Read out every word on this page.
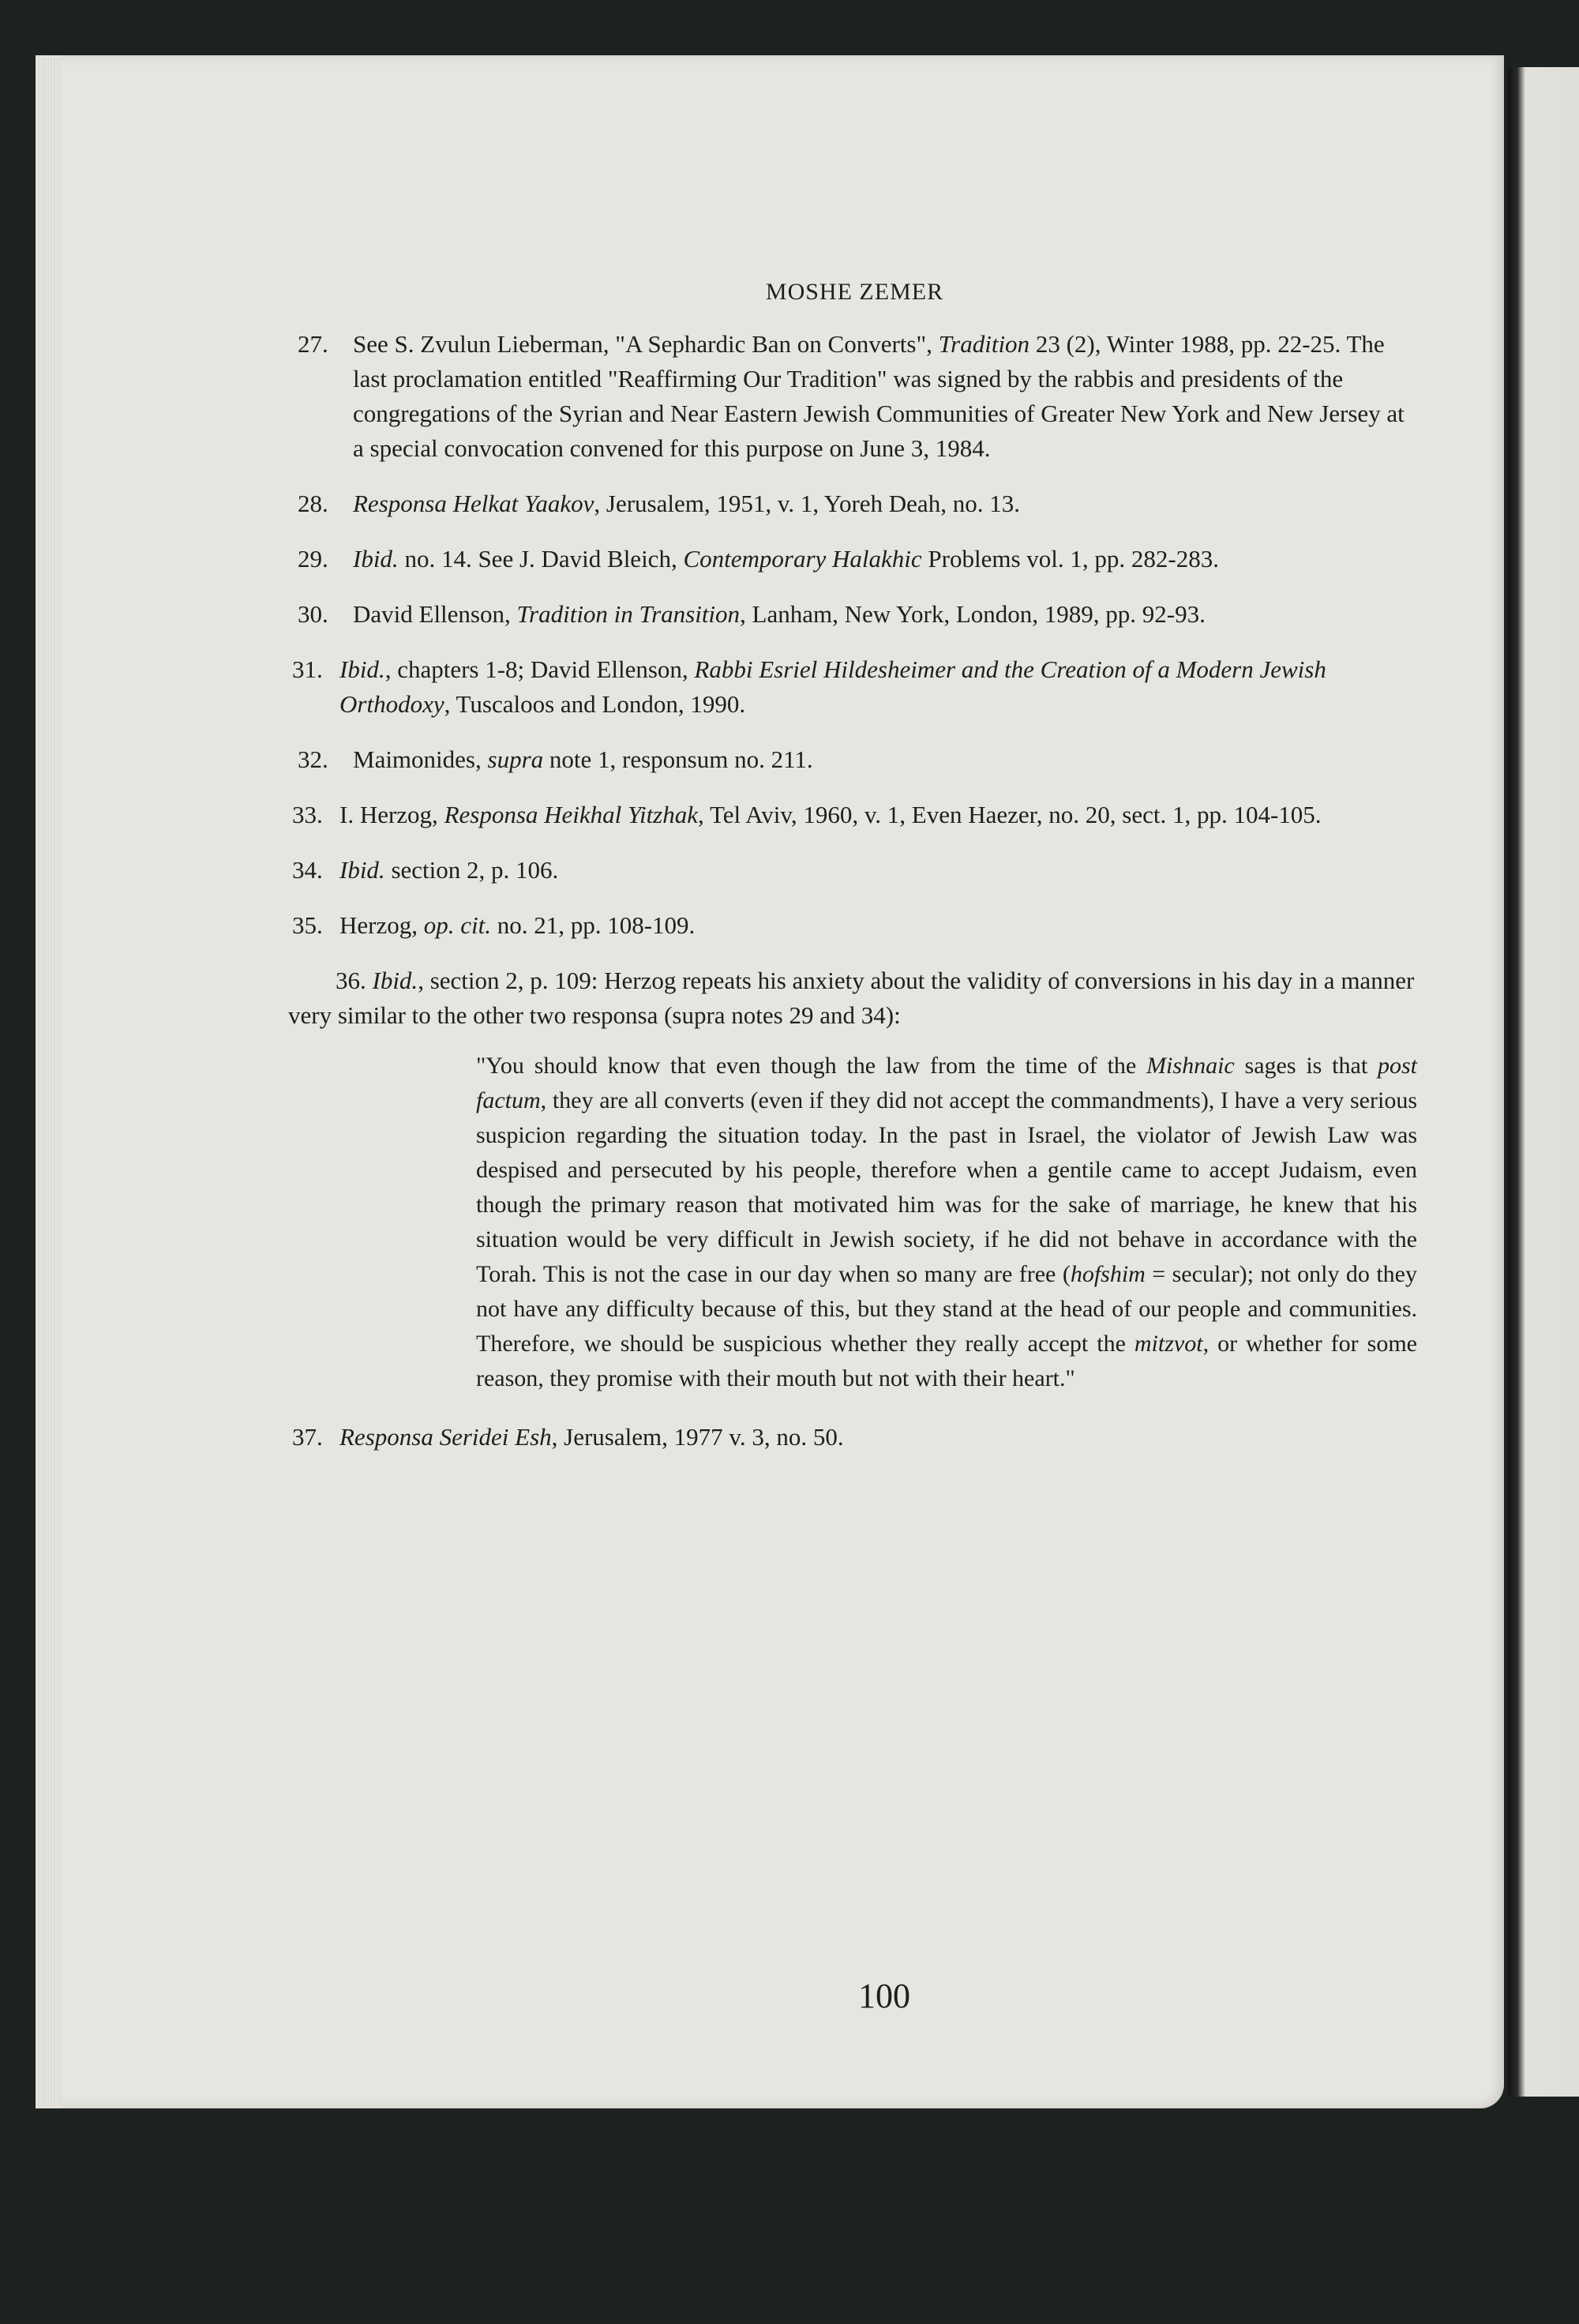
MOSHE ZEMER
27. See S. Zvulun Lieberman, "A Sephardic Ban on Converts", Tradition 23 (2), Winter 1988, pp. 22-25. The last proclamation entitled "Reaffirming Our Tradition" was signed by the rabbis and presidents of the congregations of the Syrian and Near Eastern Jewish Communities of Greater New York and New Jersey at a special convocation convened for this purpose on June 3, 1984.
28. Responsa Helkat Yaakov, Jerusalem, 1951, v. 1, Yoreh Deah, no. 13.
29. Ibid. no. 14. See J. David Bleich, Contemporary Halakhic Problems vol. 1, pp. 282-283.
30. David Ellenson, Tradition in Transition, Lanham, New York, London, 1989, pp. 92-93.
31. Ibid., chapters 1-8; David Ellenson, Rabbi Esriel Hildesheimer and the Creation of a Modern Jewish Orthodoxy, Tuscaloos and London, 1990.
32. Maimonides, supra note 1, responsum no. 211.
33. I. Herzog, Responsa Heikhal Yitzhak, Tel Aviv, 1960, v. 1, Even Haezer, no. 20, sect. 1, pp. 104-105.
34. Ibid. section 2, p. 106.
35. Herzog, op. cit. no. 21, pp. 108-109.
36. Ibid., section 2, p. 109: Herzog repeats his anxiety about the validity of conversions in his day in a manner very similar to the other two responsa (supra notes 29 and 34):
"You should know that even though the law from the time of the Mishnaic sages is that post factum, they are all converts (even if they did not accept the commandments), I have a very serious suspicion regarding the situation today. In the past in Israel, the violator of Jewish Law was despised and persecuted by his people, therefore when a gentile came to accept Judaism, even though the primary reason that motivated him was for the sake of marriage, he knew that his situation would be very difficult in Jewish society, if he did not behave in accordance with the Torah. This is not the case in our day when so many are free (hofshim = secular); not only do they not have any difficulty because of this, but they stand at the head of our people and communities. Therefore, we should be suspicious whether they really accept the mitzvot, or whether for some reason, they promise with their mouth but not with their heart."
37. Responsa Seridei Esh, Jerusalem, 1977 v. 3, no. 50.
100
